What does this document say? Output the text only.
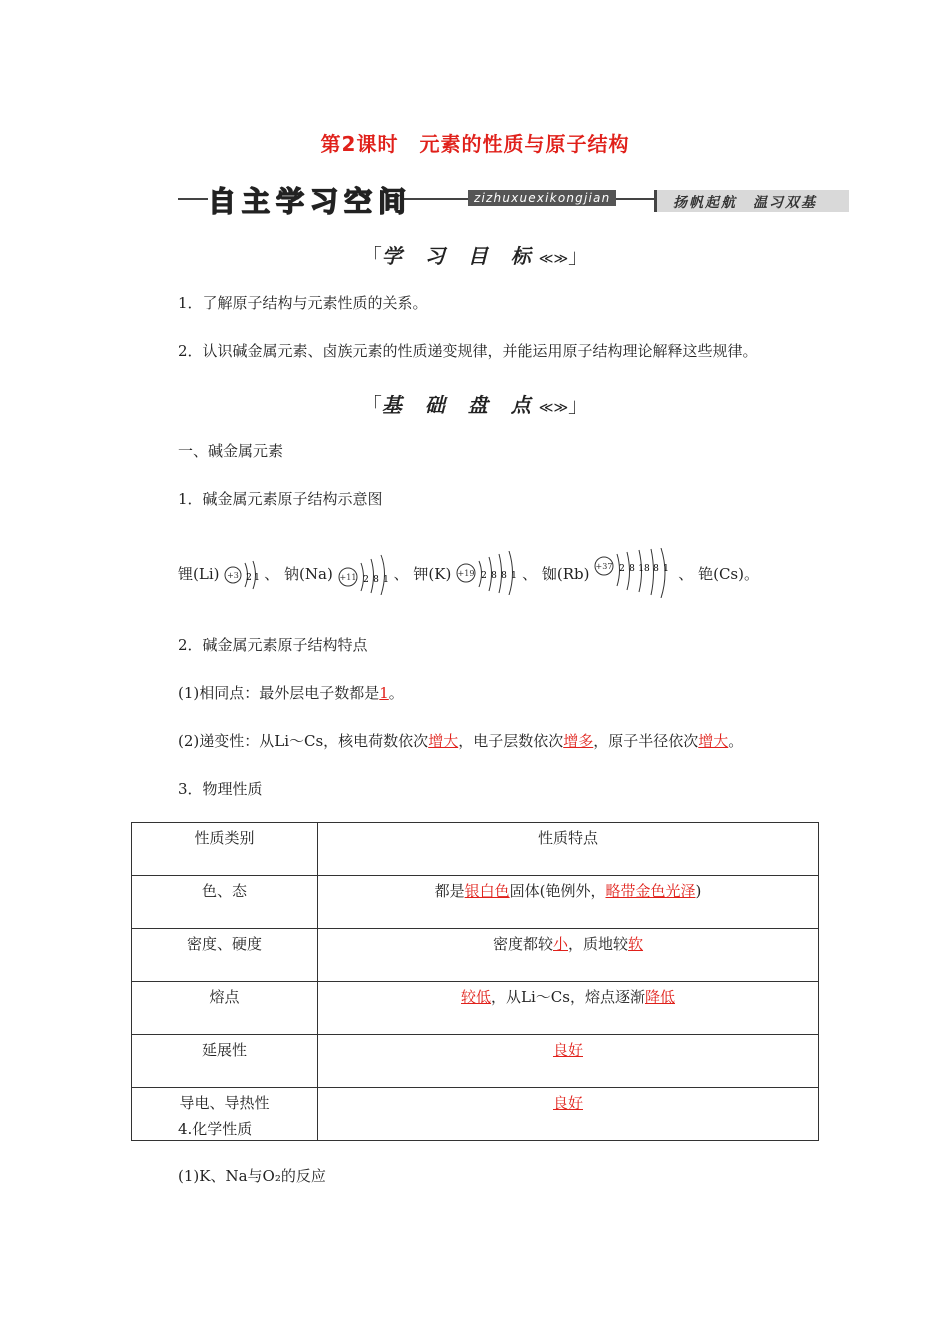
第2课时　元素的性质与原子结构
自主学习空间	zizhuxuexikongjian	扬帆起航　温习双基
「学 习 目 标≪≫」
1．了解原子结构与元素性质的关系。
2．认识碱金属元素、卤族元素的性质递变规律，并能运用原子结构理论解释这些规律。
「基 础 盘 点≪≫」
一、碱金属元素
1．碱金属元素原子结构示意图
锂(Li) +3 2 1 、 钠(Na) +11 2 8 1 、 钾(K) +19 2 8 8 1 、 铷(Rb) +37 2 8 18 8 1 、 铯(Cs)。
2．碱金属元素原子结构特点
(1)相同点：最外层电子数都是1。
(2)递变性：从Li～Cs，核电荷数依次增大，电子层数依次增多，原子半径依次增大。
3．物理性质
性质类别	性质特点
色、态	都是银白色固体(铯例外，略带金色光泽)
密度、硬度	密度都较小，质地较软
熔点	较低，从Li～Cs，熔点逐渐降低
延展性	良好
导电、导热性	良好
4.化学性质
(1)K、Na与O₂的反应
